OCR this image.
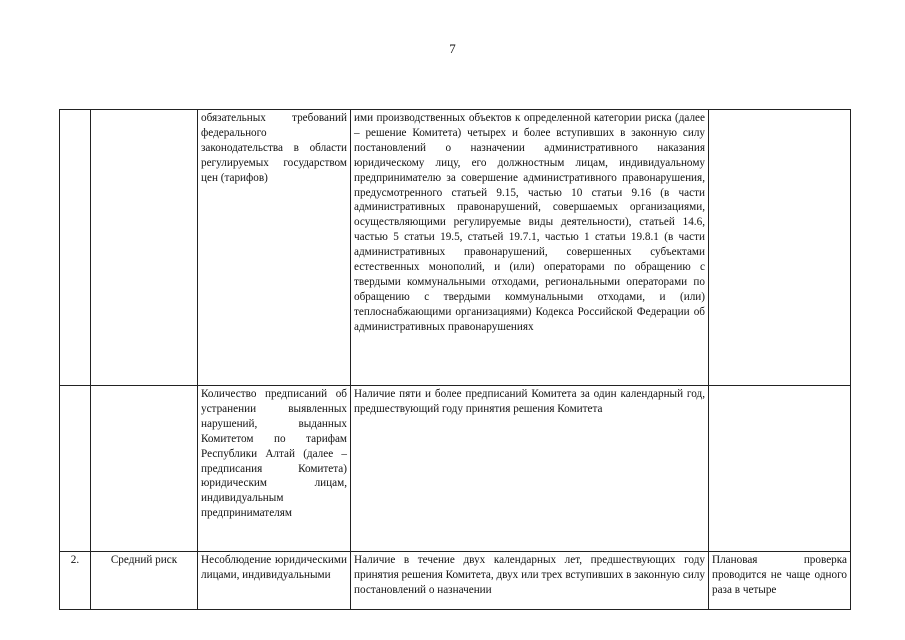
7
		обязательных требований федерального законодательства в области регулируемых государством цен (тарифов)	ими производственных объектов к определенной категории риска (далее – решение Комитета) четырех и более вступивших в законную силу постановлений о назначении административного наказания юридическому лицу, его должностным лицам, индивидуальному предпринимателю за совершение административного правонарушения, предусмотренного статьей 9.15, частью 10 статьи 9.16 (в части административных правонарушений, совершаемых организациями, осуществляющими регулируемые виды деятельности), статьей 14.6, частью 5 статьи 19.5, статьей 19.7.1, частью 1 статьи 19.8.1 (в части административных правонарушений, совершенных субъектами естественных монополий, и (или) операторами по обращению с твердыми коммунальными отходами, региональными операторами по обращению с твердыми коммунальными отходами, и (или) теплоснабжающими организациями) Кодекса Российской Федерации об административных правонарушениях	
		Количество предписаний об устранении выявленных нарушений, выданных Комитетом по тарифам Республики Алтай (далее – предписания Комитета) юридическим лицам, индивидуальным предпринимателям	Наличие пяти и более предписаний Комитета за один календарный год, предшествующий году принятия решения Комитета	
2.	Средний риск	Несоблюдение юридическими лицами, индивидуальными	Наличие в течение двух календарных лет, предшествующих году принятия решения Комитета, двух или трех вступивших в законную силу постановлений о назначении	Плановая проверка проводится не чаще одного раза в четыре
